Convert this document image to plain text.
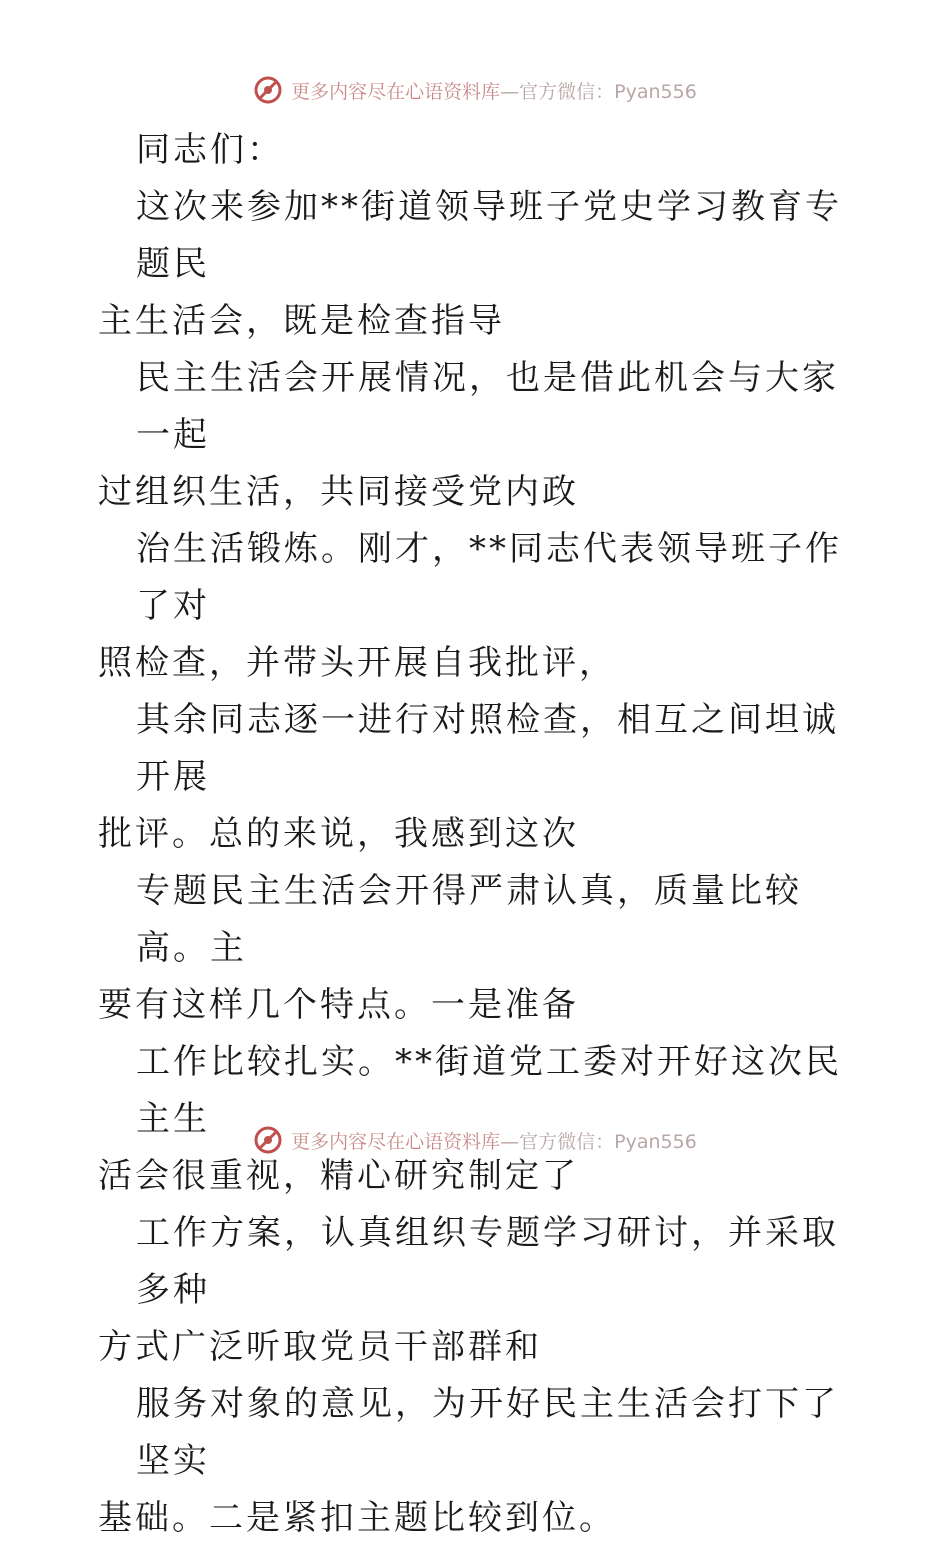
更多内容尽在心语资料库 —官方微信：Pyan556

同志们：

这次来参加**街道领导班子党史学习教育专题民

主生活会，既是检查指导

民主生活会开展情况，也是借此机会与大家一起

过组织生活，共同接受党内政

治生活锻炼。刚才，**同志代表领导班子作了对

照检查，并带头开展自我批评，

其余同志逐一进行对照检查，相互之间坦诚开展

批评。总的来说，我感到这次

专题民主生活会开得严肃认真，质量比较高。主

要有这样几个特点。一是准备

工作比较扎实。**街道党工委对开好这次民主生

活会很重视，精心研究制定了

工作方案，认真组织专题学习研讨，并采取多种

方式广泛听取党员干部群和

服务对象的意见，为开好民主生活会打下了坚实

基础。二是紧扣主题比较到位。

更多内容尽在心语资料库 —官方微信：Pyan556
